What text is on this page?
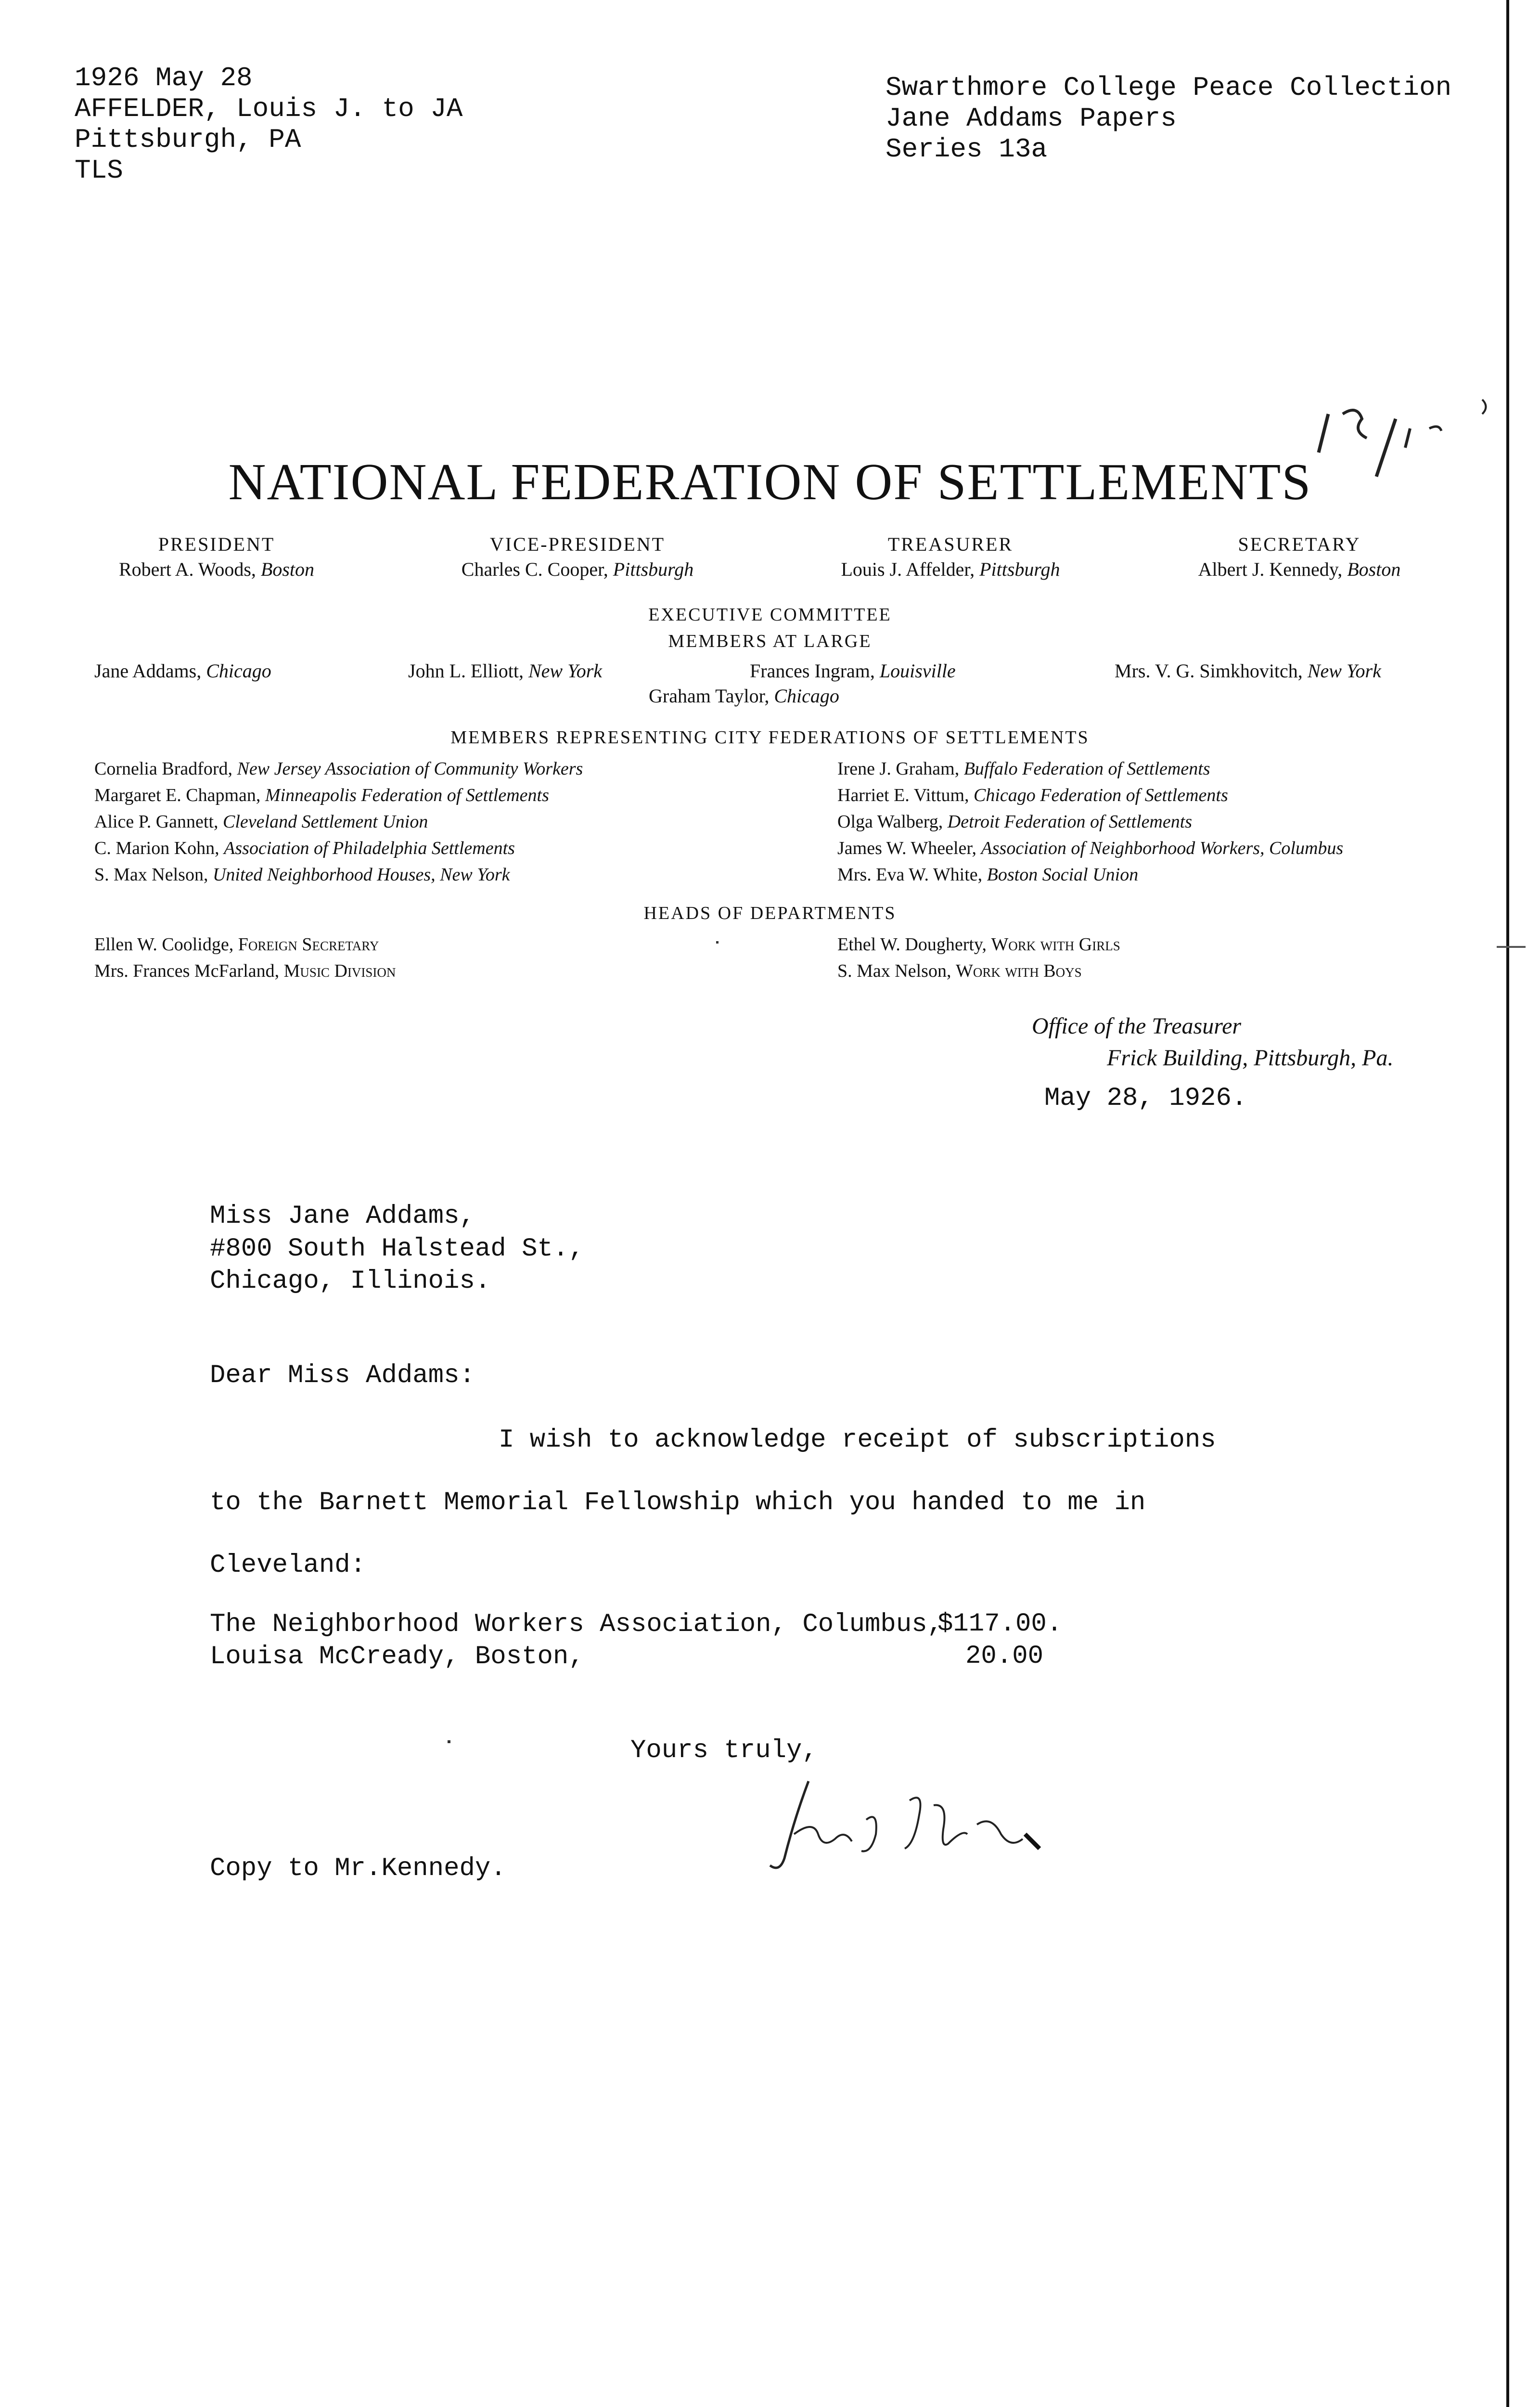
1926 May 28
AFFELDER, Louis J. to JA
Pittsburgh, PA
TLS
Swarthmore College Peace Collection
Jane Addams Papers
Series 13a
NATIONAL FEDERATION OF SETTLEMENTS
PRESIDENT
Robert A. Woods, Boston
VICE-PRESIDENT
Charles C. Cooper, Pittsburgh
TREASURER
Louis J. Affelder, Pittsburgh
SECRETARY
Albert J. Kennedy, Boston
EXECUTIVE COMMITTEE
MEMBERS AT LARGE
Jane Addams, Chicago	John L. Elliott, New York	Frances Ingram, Louisville	Mrs. V. G. Simkhovitch, New York
Graham Taylor, Chicago
MEMBERS REPRESENTING CITY FEDERATIONS OF SETTLEMENTS
Cornelia Bradford, New Jersey Association of Community Workers
Margaret E. Chapman, Minneapolis Federation of Settlements
Alice P. Gannett, Cleveland Settlement Union
C. Marion Kohn, Association of Philadelphia Settlements
S. Max Nelson, United Neighborhood Houses, New York
Irene J. Graham, Buffalo Federation of Settlements
Harriet E. Vittum, Chicago Federation of Settlements
Olga Walberg, Detroit Federation of Settlements
James W. Wheeler, Association of Neighborhood Workers, Columbus
Mrs. Eva W. White, Boston Social Union
HEADS OF DEPARTMENTS
Ellen W. Coolidge, Foreign Secretary
Mrs. Frances McFarland, Music Division
Ethel W. Dougherty, Work with Girls
S. Max Nelson, Work with Boys
Office of the Treasurer
Frick Building, Pittsburgh, Pa.
May 28, 1926.
Miss Jane Addams,
#800 South Halstead St.,
Chicago, Illinois.
Dear Miss Addams:
I wish to acknowledge receipt of subscriptions
to the Barnett Memorial Fellowship which you handed to me in
Cleveland:
The Neighborhood Workers Association, Columbus,
$117.00.
Louisa McCready, Boston,	20.00
Yours truly,
Copy to Mr.Kennedy.
